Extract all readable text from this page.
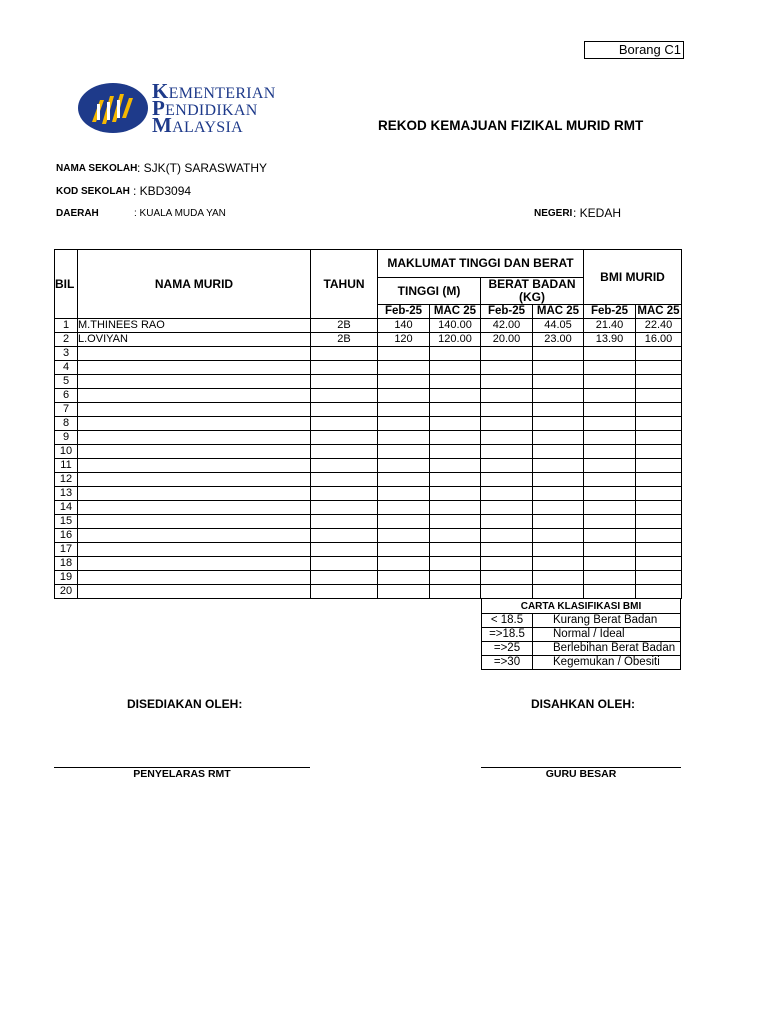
Borang C1
KEMENTERIAN
PENDIDIKAN
MALAYSIA	REKOD KEMAJUAN FIZIKAL MURID RMT
NAMA SEKOLAH : SJK(T) SARASWATHY
KOD SEKOLAH : KBD3094
DAERAH	: KUALA MUDA YAN	NEGERI : KEDAH
BIL	NAMA MURID	TAHUN	MAKLUMAT TINGGI DAN BERAT				BMI MURID	
			TINGGI (M)		BERAT BADAN
(KG)			

			Feb-25	MAC 25	Feb-25	MAC 25	Feb-25	MAC 25
1	M.THINEES RAO	2B	140	140.00	42.00	44.05	21.40	22.40
2	L.OVIYAN	2B	120	120.00	20.00	23.00	13.90	16.00
3								
4								
5								
6								
7								
8								
9								
10								
11								
12								
13								
14								
15								
16								
17								
18								
19								
20								
CARTA KLASIFIKASI BMI	
< 18.5	Kurang Berat Badan
=>18.5	Normal / Ideal
=>25	Berlebihan Berat Badan
=>30	Kegemukan / Obesiti
DISEDIAKAN OLEH:	DISAHKAN OLEH:
PENYELARAS RMT	GURU BESAR
